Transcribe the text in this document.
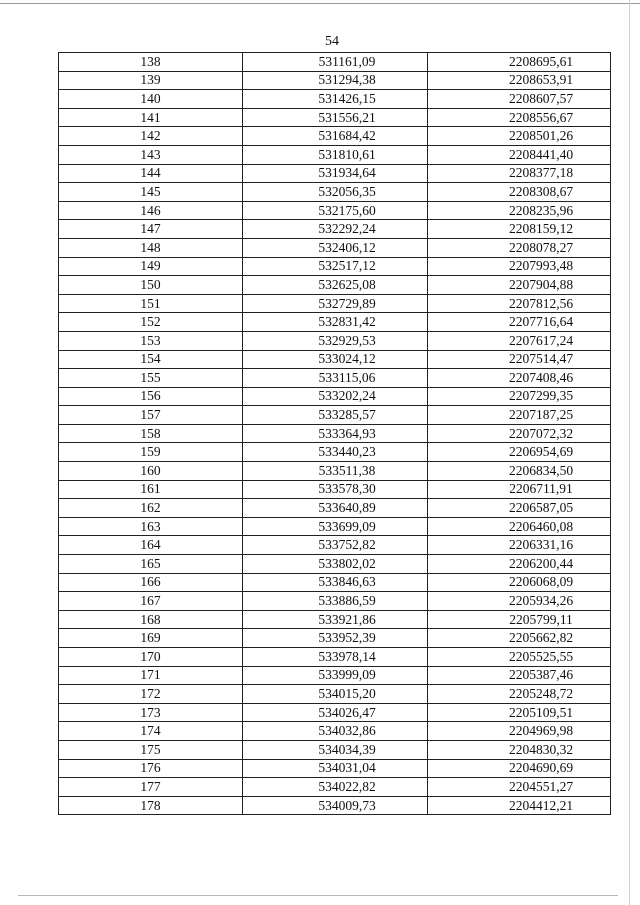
54
138	531161,09	2208695,61
139	531294,38	2208653,91
140	531426,15	2208607,57
141	531556,21	2208556,67
142	531684,42	2208501,26
143	531810,61	2208441,40
144	531934,64	2208377,18
145	532056,35	2208308,67
146	532175,60	2208235,96
147	532292,24	2208159,12
148	532406,12	2208078,27
149	532517,12	2207993,48
150	532625,08	2207904,88
151	532729,89	2207812,56
152	532831,42	2207716,64
153	532929,53	2207617,24
154	533024,12	2207514,47
155	533115,06	2207408,46
156	533202,24	2207299,35
157	533285,57	2207187,25
158	533364,93	2207072,32
159	533440,23	2206954,69
160	533511,38	2206834,50
161	533578,30	2206711,91
162	533640,89	2206587,05
163	533699,09	2206460,08
164	533752,82	2206331,16
165	533802,02	2206200,44
166	533846,63	2206068,09
167	533886,59	2205934,26
168	533921,86	2205799,11
169	533952,39	2205662,82
170	533978,14	2205525,55
171	533999,09	2205387,46
172	534015,20	2205248,72
173	534026,47	2205109,51
174	534032,86	2204969,98
175	534034,39	2204830,32
176	534031,04	2204690,69
177	534022,82	2204551,27
178	534009,73	2204412,21
